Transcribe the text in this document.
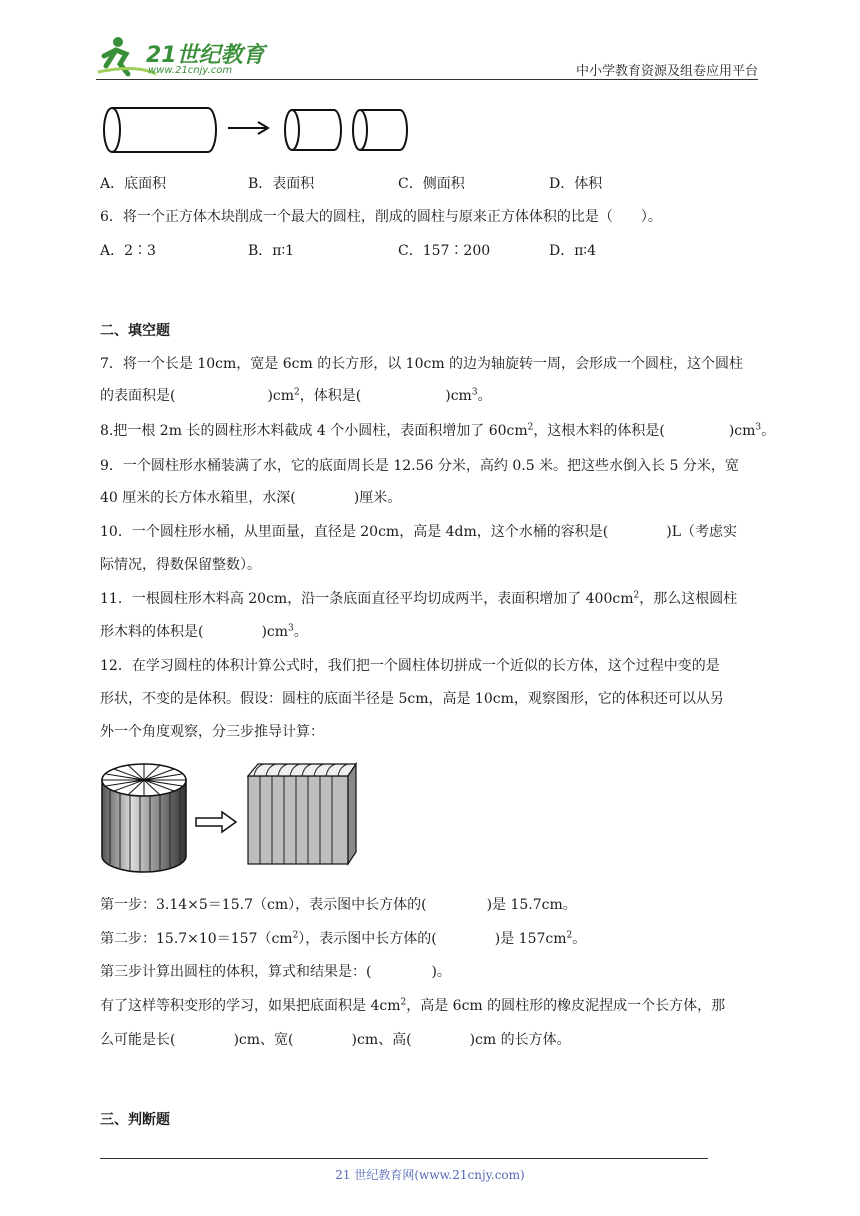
21世纪教育
www.21cnjy.com	中小学教育资源及组卷应用平台
A．底面积	B．表面积	C．侧面积	D．体积
6．将一个正方体木块削成一个最大的圆柱，削成的圆柱与原来正方体体积的比是（　　）。
A．2∶3	B．π∶1	C．157∶200	D．π∶4
二、填空题
7．将一个长是 10cm，宽是 6cm 的长方形，以 10cm 的边为轴旋转一周，会形成一个圆柱，这个圆柱
的表面积是(	)$cm^2$，体积是(	)$cm^3$。
8.把一根 2m 长的圆柱形木料截成 4 个小圆柱，表面积增加了 $60cm^2$，这根木料的体积是(	)$cm^3$。
9．一个圆柱形水桶装满了水，它的底面周长是 12.56 分米，高约 0.5 米。把这些水倒入长 5 分米，宽
40 厘米的长方体水箱里，水深(	)厘米。
10．一个圆柱形水桶，从里面量，直径是 20cm，高是 4dm，这个水桶的容积是(	)L（考虑实
际情况，得数保留整数）。
11．一根圆柱形木料高 20cm，沿一条底面直径平均切成两半，表面积增加了 $400cm^2$，那么这根圆柱
形木料的体积是(	)$cm^3$。
12．在学习圆柱的体积计算公式时，我们把一个圆柱体切拼成一个近似的长方体，这个过程中变的是
形状，不变的是体积。假设：圆柱的底面半径是 5cm，高是 10cm，观察图形，它的体积还可以从另
外一个角度观察，分三步推导计算：
第一步：3.14×5＝15.7（cm），表示图中长方体的(	)是 15.7cm。
第二步：$15.7\times 10=157(cm^2)$，表示图中长方体的(	)是 $157cm^2$。
第三步计算出圆柱的体积，算式和结果是：(	)。
有了这样等积变形的学习，如果把底面积是 $4cm^2$，高是 6cm 的圆柱形的橡皮泥捏成一个长方体，那
么可能是长(	)cm、宽(	)cm、高(	)cm 的长方体。
三、判断题
21 世纪教育网(www.21cnjy.com)
